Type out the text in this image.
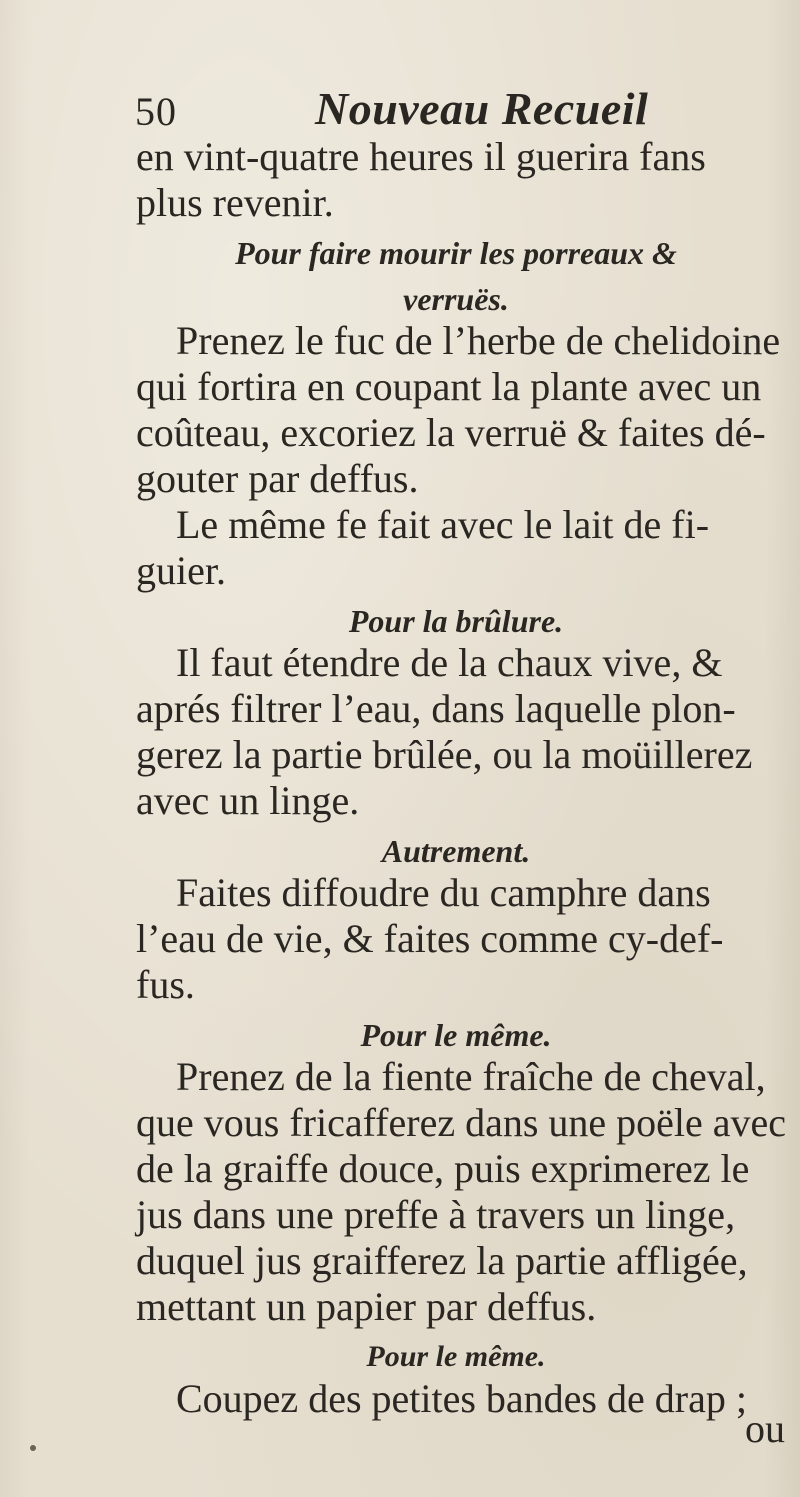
50	Nouveau Recueil
en vint-quatre heures il guerira fans
plus revenir.
Pour faire mourir les porreaux &
verruës.
Prenez le fuc de l’herbe de chelidoine
qui fortira en coupant la plante avec un
coûteau, excoriez la verruë & faites dé-
gouter par deffus.
Le même fe fait avec le lait de fi-
guier.
Pour la brûlure.
Il faut étendre de la chaux vive, &
aprés filtrer l’eau, dans laquelle plon-
gerez la partie brûlée, ou la moüillerez
avec un linge.
Autrement.
Faites diffoudre du camphre dans
l’eau de vie, & faites comme cy-def-
fus.
Pour le même.
Prenez de la fiente fraîche de cheval,
que vous fricafferez dans une poële avec
de la graiffe douce, puis exprimerez le
jus dans une preffe à travers un linge,
duquel jus graifferez la partie affligée,
mettant un papier par deffus.
Pour le même.
Coupez des petites bandes de drap ;
ou
